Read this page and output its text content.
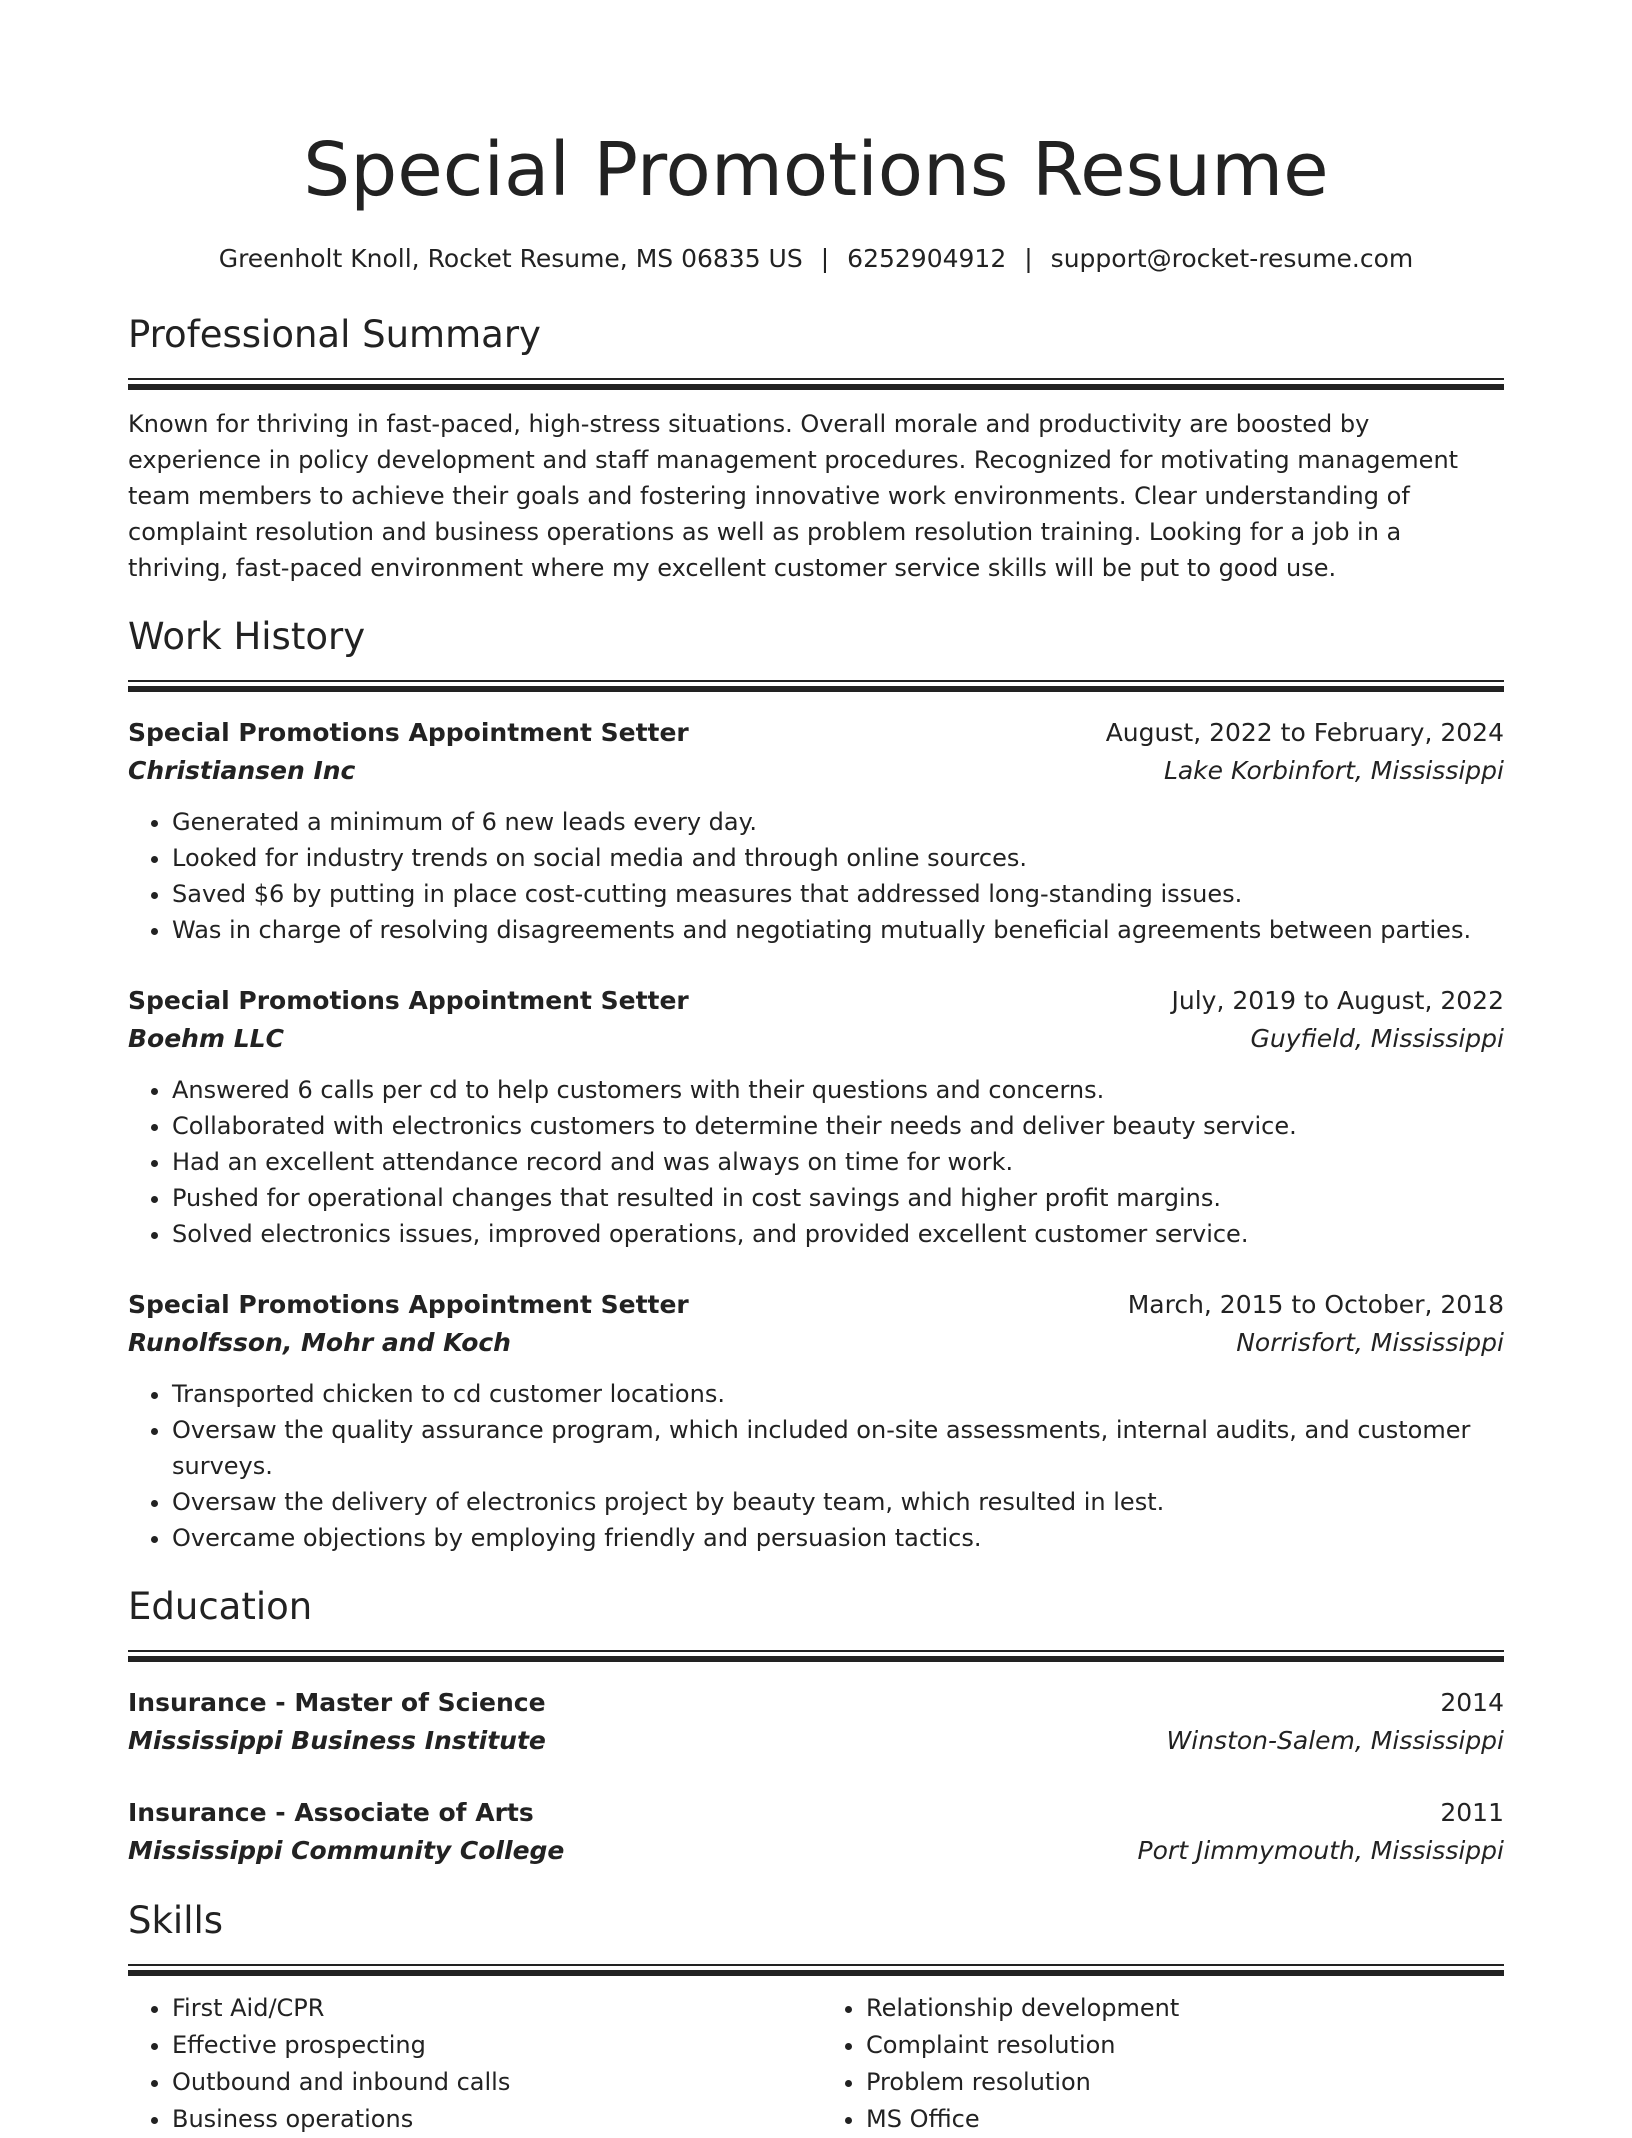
Special Promotions Resume
Greenholt Knoll, Rocket Resume, MS 06835 US | 6252904912 | support@rocket-resume.com
Professional Summary
Known for thriving in fast-paced, high-stress situations. Overall morale and productivity are boosted by experience in policy development and staff management procedures. Recognized for motivating management team members to achieve their goals and fostering innovative work environments. Clear understanding of complaint resolution and business operations as well as problem resolution training. Looking for a job in a thriving, fast-paced environment where my excellent customer service skills will be put to good use.
Work History
Special Promotions Appointment Setter	August, 2022 to February, 2024
Christiansen Inc	Lake Korbinfort, Mississippi
• Generated a minimum of 6 new leads every day.
• Looked for industry trends on social media and through online sources.
• Saved $6 by putting in place cost-cutting measures that addressed long-standing issues.
• Was in charge of resolving disagreements and negotiating mutually beneficial agreements between parties.
Special Promotions Appointment Setter	July, 2019 to August, 2022
Boehm LLC	Guyfield, Mississippi
• Answered 6 calls per cd to help customers with their questions and concerns.
• Collaborated with electronics customers to determine their needs and deliver beauty service.
• Had an excellent attendance record and was always on time for work.
• Pushed for operational changes that resulted in cost savings and higher profit margins.
• Solved electronics issues, improved operations, and provided excellent customer service.
Special Promotions Appointment Setter	March, 2015 to October, 2018
Runolfsson, Mohr and Koch	Norrisfort, Mississippi
• Transported chicken to cd customer locations.
• Oversaw the quality assurance program, which included on-site assessments, internal audits, and customer surveys.
• Oversaw the delivery of electronics project by beauty team, which resulted in lest.
• Overcame objections by employing friendly and persuasion tactics.
Education
Insurance - Master of Science	2014
Mississippi Business Institute	Winston-Salem, Mississippi
Insurance - Associate of Arts	2011
Mississippi Community College	Port Jimmymouth, Mississippi
Skills
• First Aid/CPR
• Effective prospecting
• Outbound and inbound calls
• Business operations
• Relationship development
• Complaint resolution
• Problem resolution
• MS Office
